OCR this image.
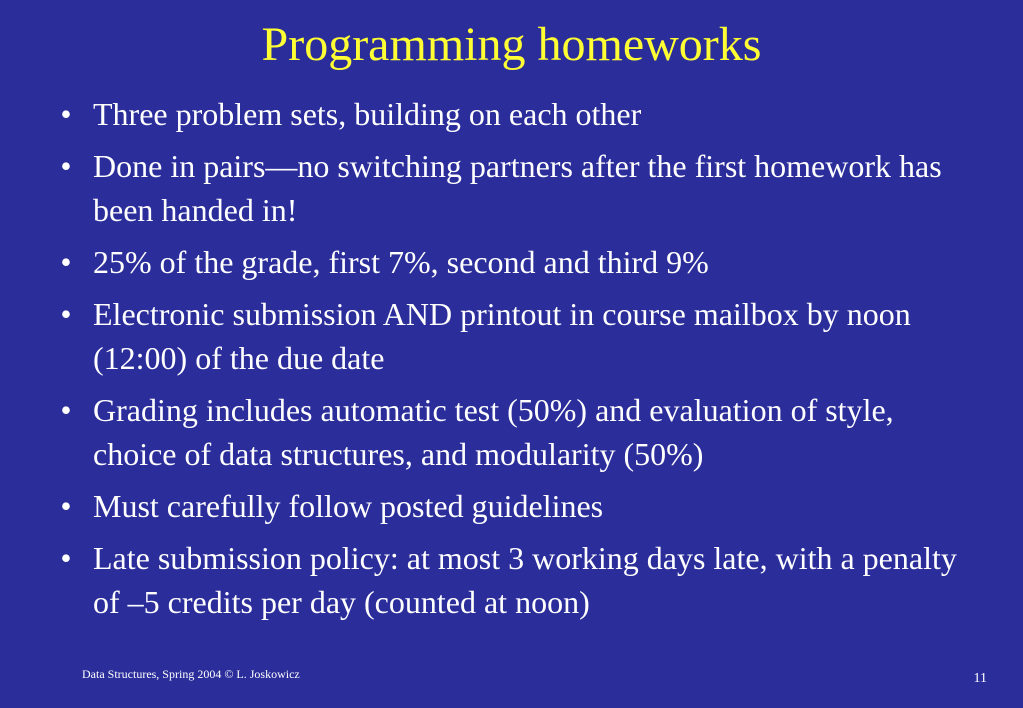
Programming homeworks
• Three problem sets, building on each other
• Done in pairs—no switching partners after the first homework has been handed in!
• 25% of the grade, first 7%, second and third 9%
• Electronic submission AND printout in course mailbox by noon (12:00) of the due date
• Grading includes automatic test (50%) and evaluation of style, choice of data structures, and modularity (50%)
• Must carefully follow posted guidelines
• Late submission policy: at most 3 working days late, with a penalty of –5 credits per day (counted at noon)
Data Structures, Spring 2004 © L. Joskowicz	11
